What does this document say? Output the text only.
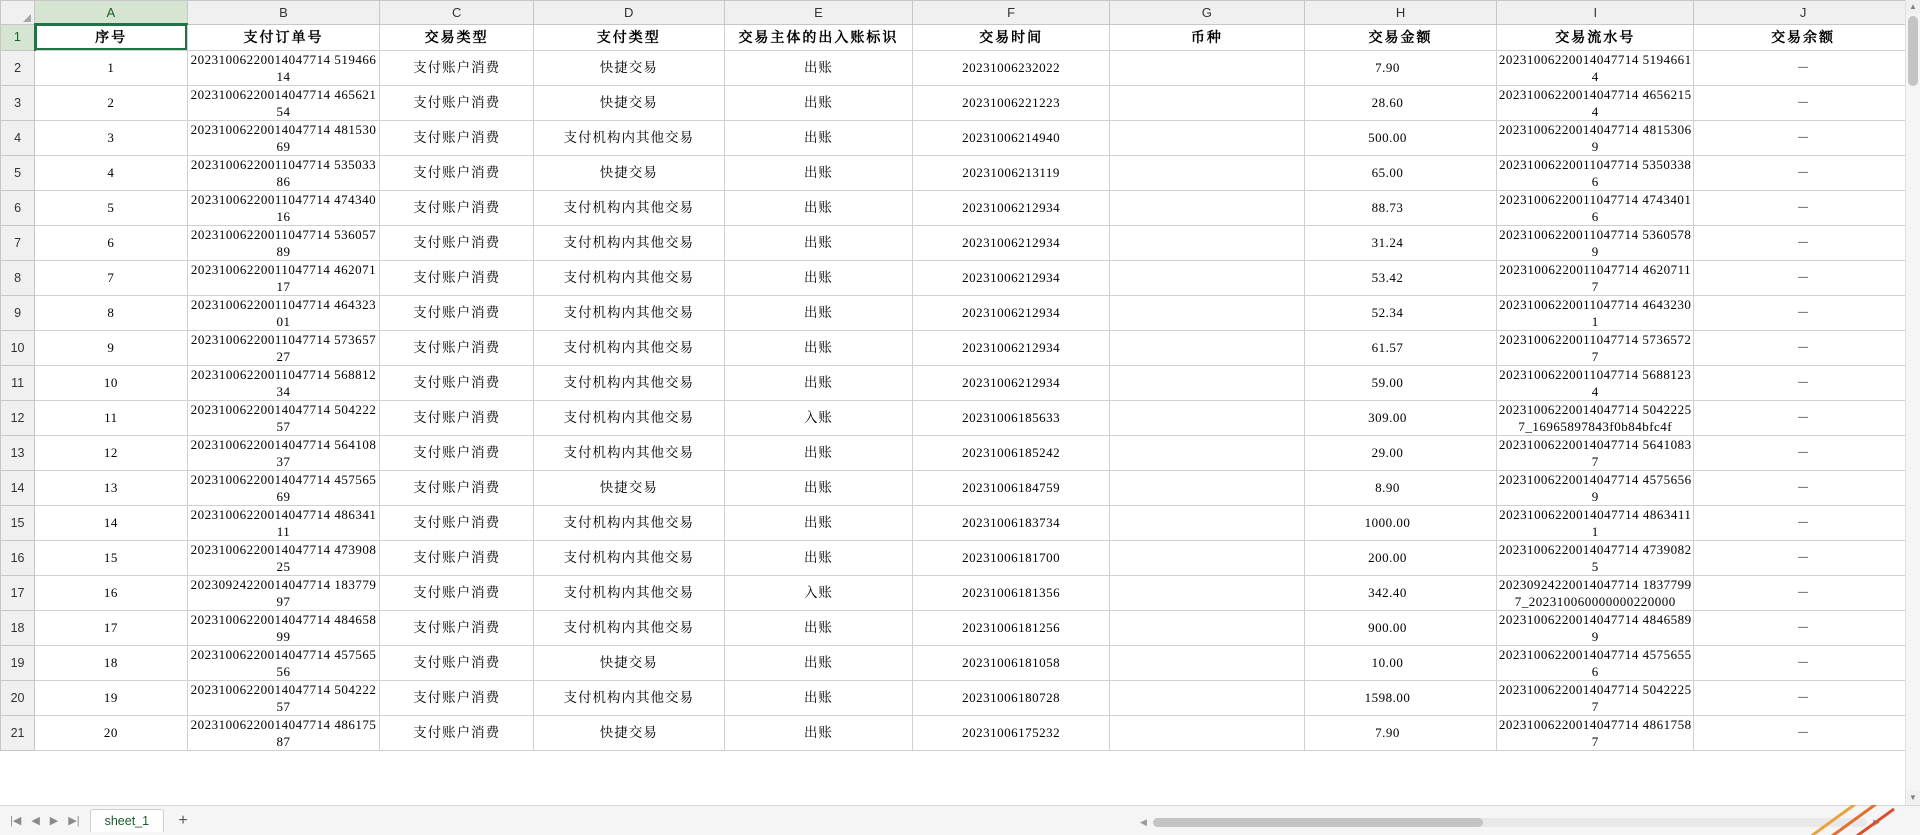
	A	B	C	D	E	F	G	H	I	J
1	序号	支付订单号	交易类型	支付类型	交易主体的出入账标识	交易时间	币种	交易金额	交易流水号	交易余额
2	1	20231006220014047714 51946614	支付账户消费	快捷交易	出账	20231006232022		7.90	20231006220014047714 51946614	－
3	2	20231006220014047714 46562154	支付账户消费	快捷交易	出账	20231006221223		28.60	20231006220014047714 46562154	－
4	3	20231006220014047714 48153069	支付账户消费	支付机构内其他交易	出账	20231006214940		500.00	20231006220014047714 48153069	－
5	4	20231006220011047714 53503386	支付账户消费	快捷交易	出账	20231006213119		65.00	20231006220011047714 53503386	－
6	5	20231006220011047714 47434016	支付账户消费	支付机构内其他交易	出账	20231006212934		88.73	20231006220011047714 47434016	－
7	6	20231006220011047714 53605789	支付账户消费	支付机构内其他交易	出账	20231006212934		31.24	20231006220011047714 53605789	－
8	7	20231006220011047714 46207117	支付账户消费	支付机构内其他交易	出账	20231006212934		53.42	20231006220011047714 46207117	－
9	8	20231006220011047714 46432301	支付账户消费	支付机构内其他交易	出账	20231006212934		52.34	20231006220011047714 46432301	－
10	9	20231006220011047714 57365727	支付账户消费	支付机构内其他交易	出账	20231006212934		61.57	20231006220011047714 57365727	－
11	10	20231006220011047714 56881234	支付账户消费	支付机构内其他交易	出账	20231006212934		59.00	20231006220011047714 56881234	－
12	11	20231006220014047714 50422257	支付账户消费	支付机构内其他交易	入账	20231006185633		309.00	20231006220014047714 50422257_16965897843f0b84bfc4f	－
13	12	20231006220014047714 56410837	支付账户消费	支付机构内其他交易	出账	20231006185242		29.00	20231006220014047714 56410837	－
14	13	20231006220014047714 45756569	支付账户消费	快捷交易	出账	20231006184759		8.90	20231006220014047714 45756569	－
15	14	20231006220014047714 48634111	支付账户消费	支付机构内其他交易	出账	20231006183734		1000.00	20231006220014047714 48634111	－
16	15	20231006220014047714 47390825	支付账户消费	支付机构内其他交易	出账	20231006181700		200.00	20231006220014047714 47390825	－
17	16	20230924220014047714 18377997	支付账户消费	支付机构内其他交易	入账	20231006181356		342.40	20230924220014047714 18377997_202310060000000220000	－
18	17	20231006220014047714 48465899	支付账户消费	支付机构内其他交易	出账	20231006181256		900.00	20231006220014047714 48465899	－
19	18	20231006220014047714 45756556	支付账户消费	快捷交易	出账	20231006181058		10.00	20231006220014047714 45756556	－
20	19	20231006220014047714 50422257	支付账户消费	支付机构内其他交易	出账	20231006180728		1598.00	20231006220014047714 50422257	－
21	20	20231006220014047714 48617587	支付账户消费	快捷交易	出账	20231006175232		7.90	20231006220014047714 48617587	－
▲
▼
|◀ ◀ ▶ ▶|	sheet_1	+	◀
